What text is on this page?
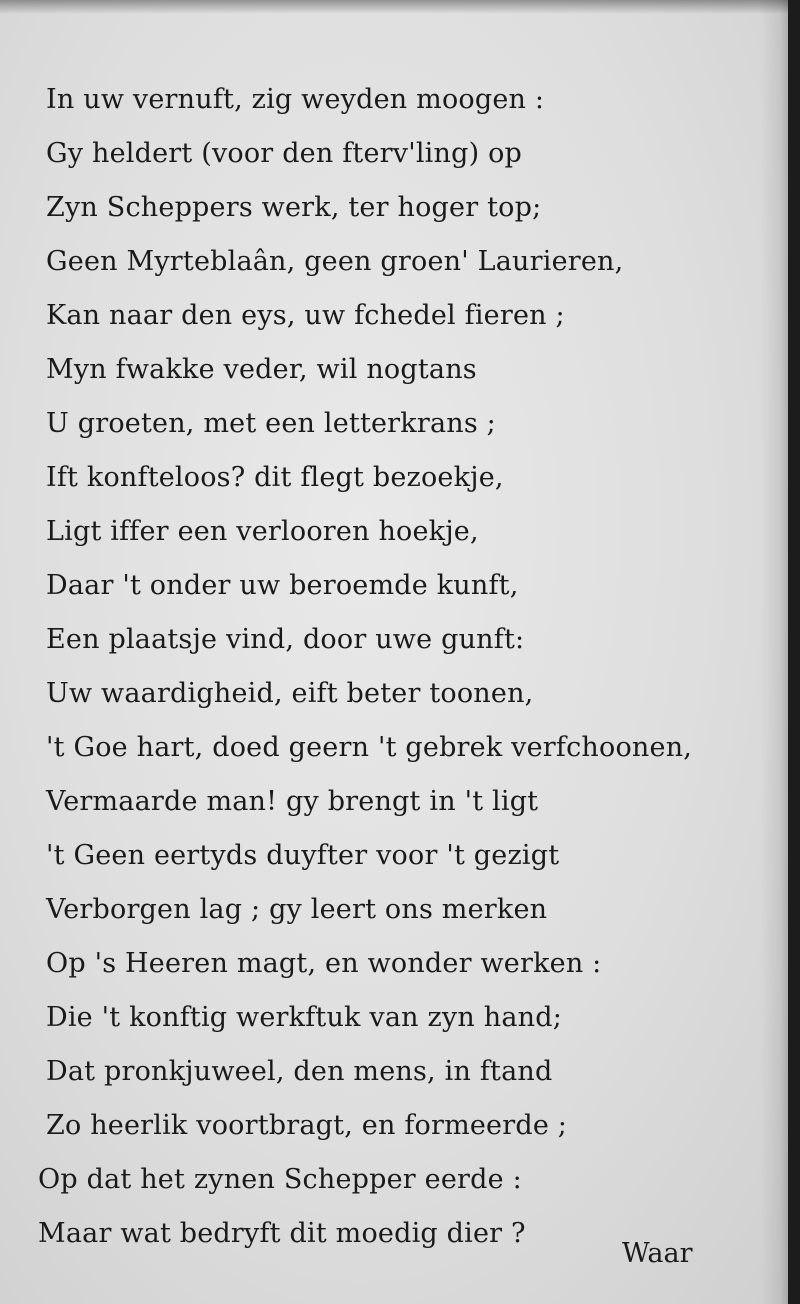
In uw vernuft, zig weyden moogen :
Gy heldert (voor den fterv'ling) op
Zyn Scheppers werk, ter hoger top;
Geen Myrteblaân, geen groen' Laurieren,
Kan naar den eys, uw fchedel fieren ;
Myn fwakke veder, wil nogtans
U groeten, met een letterkrans ;
Ift konfteloos? dit flegt bezoekje,
Ligt iffer een verlooren hoekje,
Daar 't onder uw beroemde kunft,
Een plaatsje vind, door uwe gunft:
Uw waardigheid, eift beter toonen,
't Goe hart, doed geern 't gebrek verfchoonen,
Vermaarde man! gy brengt in 't ligt
't Geen eertyds duyfter voor 't gezigt
Verborgen lag ; gy leert ons merken
Op 's Heeren magt, en wonder werken :
Die 't konftig werkftuk van zyn hand;
Dat pronkjuweel, den mens, in ftand
Zo heerlik voortbragt, en formeerde ;
Op dat het zynen Schepper eerde :
Maar wat bedryft dit moedig dier ?
Waar
